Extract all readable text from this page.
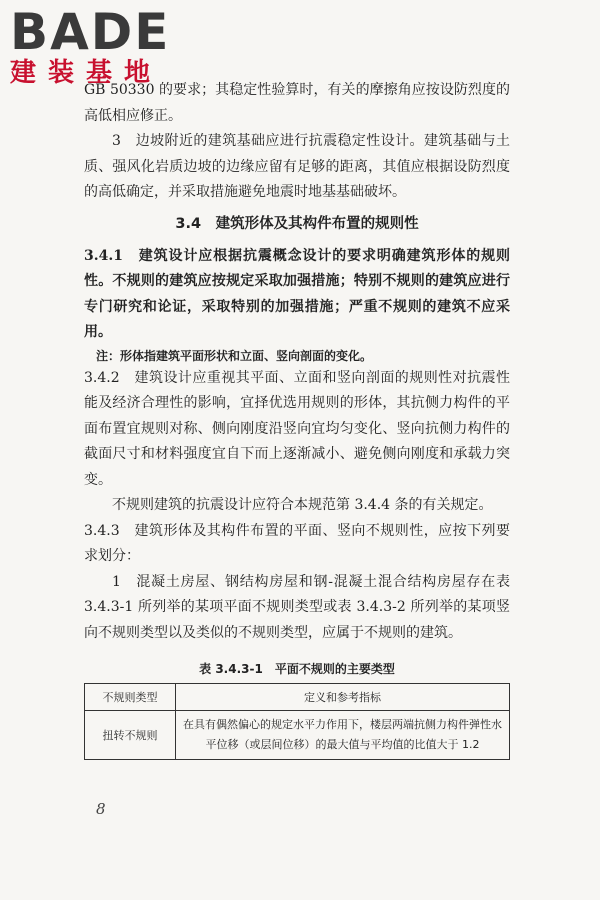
BADE
建装基地

GB 50330 的要求；其稳定性验算时，有关的摩擦角应按设防烈度的高低相应修正。

3　边坡附近的建筑基础应进行抗震稳定性设计。建筑基础与土质、强风化岩质边坡的边缘应留有足够的距离，其值应根据设防烈度的高低确定，并采取措施避免地震时地基基础破坏。

3.4　建筑形体及其构件布置的规则性

3.4.1　建筑设计应根据抗震概念设计的要求明确建筑形体的规则性。不规则的建筑应按规定采取加强措施；特别不规则的建筑应进行专门研究和论证，采取特别的加强措施；严重不规则的建筑不应采用。

注：形体指建筑平面形状和立面、竖向剖面的变化。

3.4.2　建筑设计应重视其平面、立面和竖向剖面的规则性对抗震性能及经济合理性的影响，宜择优选用规则的形体，其抗侧力构件的平面布置宜规则对称、侧向刚度沿竖向宜均匀变化、竖向抗侧力构件的截面尺寸和材料强度宜自下而上逐渐减小、避免侧向刚度和承载力突变。

不规则建筑的抗震设计应符合本规范第 3.4.4 条的有关规定。

3.4.3　建筑形体及其构件布置的平面、竖向不规则性，应按下列要求划分：

1　混凝土房屋、钢结构房屋和钢-混凝土混合结构房屋存在表 3.4.3-1 所列举的某项平面不规则类型或表 3.4.3-2 所列举的某项竖向不规则类型以及类似的不规则类型，应属于不规则的建筑。

表 3.4.3-1　平面不规则的主要类型
不规则类型	定义和参考指标
扭转不规则	在具有偶然偏心的规定水平力作用下，楼层两端抗侧力构件弹性水平位移（或层间位移）的最大值与平均值的比值大于 1.2
8
